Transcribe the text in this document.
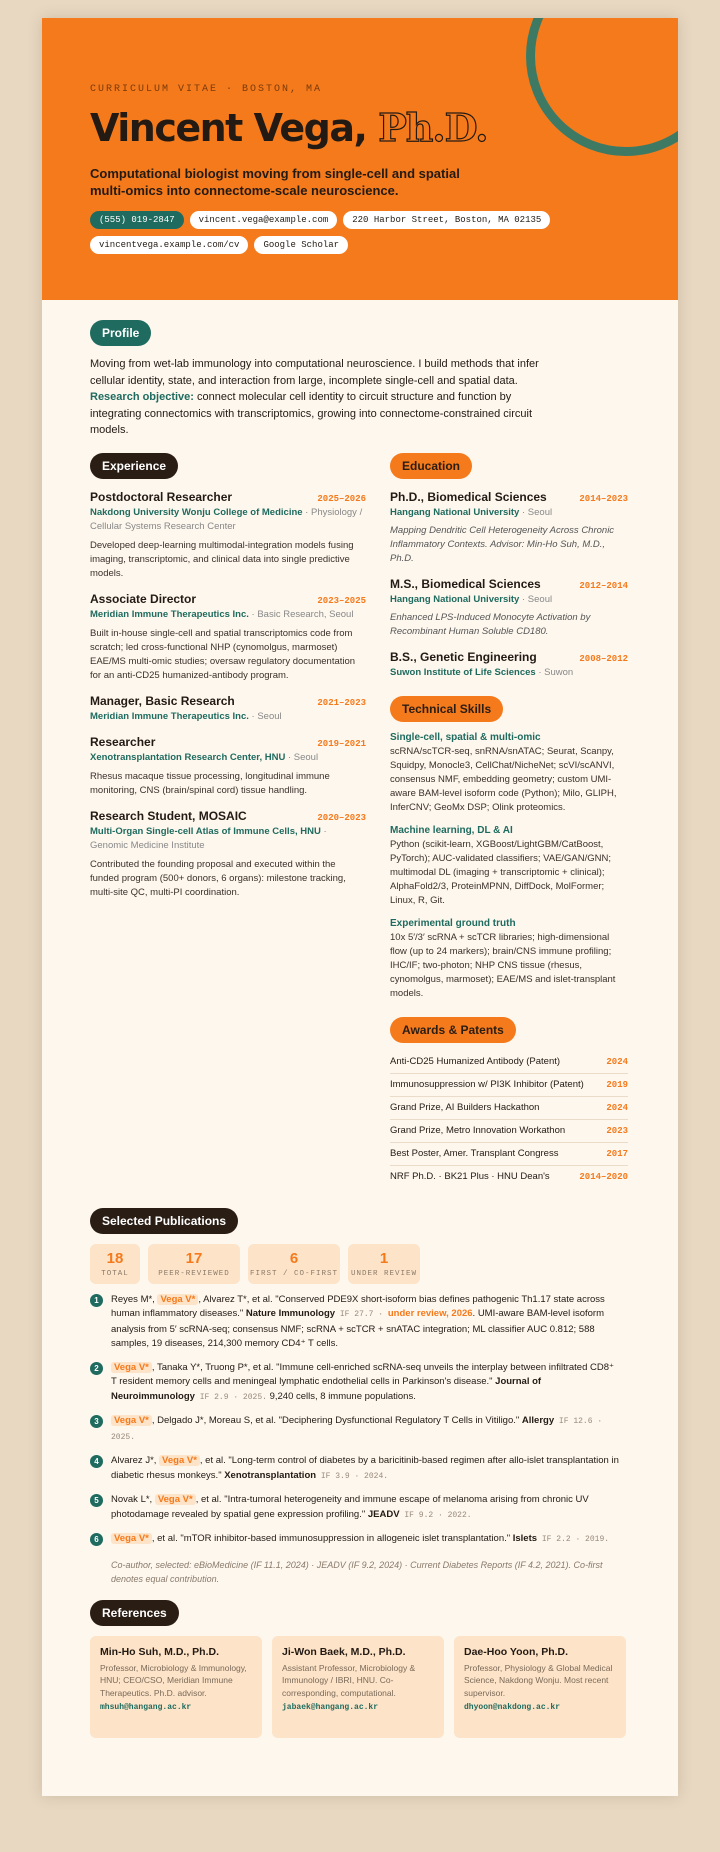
CURRICULUM VITAE · BOSTON, MA
Vincent Vega, Ph.D.
Computational biologist moving from single-cell and spatial multi-omics into connectome-scale neuroscience.
(555) 019-2847	vincent.vega@example.com	220 Harbor Street, Boston, MA 02135
vincentvega.example.com/cv	Google Scholar
Profile
Moving from wet-lab immunology into computational neuroscience. I build methods that infer cellular identity, state, and interaction from large, incomplete single-cell and spatial data. Research objective: connect molecular cell identity to circuit structure and function by integrating connectomics with transcriptomics, growing into connectome-constrained circuit models.
Experience
Postdoctoral Researcher	2025–2026
Nakdong University Wonju College of Medicine · Physiology / Cellular Systems Research Center
Developed deep-learning multimodal-integration models fusing imaging, transcriptomic, and clinical data into single predictive models.
Associate Director	2023–2025
Meridian Immune Therapeutics Inc. · Basic Research, Seoul
Built in-house single-cell and spatial transcriptomics code from scratch; led cross-functional NHP (cynomolgus, marmoset) EAE/MS multi-omic studies; oversaw regulatory documentation for an anti-CD25 humanized-antibody program.
Manager, Basic Research	2021–2023
Meridian Immune Therapeutics Inc. · Seoul
Researcher	2019–2021
Xenotransplantation Research Center, HNU · Seoul
Rhesus macaque tissue processing, longitudinal immune monitoring, CNS (brain/spinal cord) tissue handling.
Research Student, MOSAIC	2020–2023
Multi-Organ Single-cell Atlas of Immune Cells, HNU · Genomic Medicine Institute
Contributed the founding proposal and executed within the funded program (500+ donors, 6 organs): milestone tracking, multi-site QC, multi-PI coordination.
Education
Ph.D., Biomedical Sciences	2014–2023
Hangang National University · Seoul
Mapping Dendritic Cell Heterogeneity Across Chronic Inflammatory Contexts. Advisor: Min-Ho Suh, M.D., Ph.D.
M.S., Biomedical Sciences	2012–2014
Hangang National University · Seoul
Enhanced LPS-Induced Monocyte Activation by Recombinant Human Soluble CD180.
B.S., Genetic Engineering	2008–2012
Suwon Institute of Life Sciences · Suwon
Technical Skills
Single-cell, spatial & multi-omic
scRNA/scTCR-seq, snRNA/snATAC; Seurat, Scanpy, Squidpy, Monocle3, CellChat/NicheNet; scVI/scANVI, consensus NMF, embedding geometry; custom UMI-aware BAM-level isoform code (Python); Milo, GLIPH, InferCNV; GeoMx DSP; Olink proteomics.
Machine learning, DL & AI
Python (scikit-learn, XGBoost/LightGBM/CatBoost, PyTorch); AUC-validated classifiers; VAE/GAN/GNN; multimodal DL (imaging + transcriptomic + clinical); AlphaFold2/3, ProteinMPNN, DiffDock, MolFormer; Linux, R, Git.
Experimental ground truth
10x 5′/3′ scRNA + scTCR libraries; high-dimensional flow (up to 24 markers); brain/CNS immune profiling; IHC/IF; two-photon; NHP CNS tissue (rhesus, cynomolgus, marmoset); EAE/MS and islet-transplant models.
Awards & Patents
Anti-CD25 Humanized Antibody (Patent)	2024
Immunosuppression w/ PI3K Inhibitor (Patent)	2019
Grand Prize, AI Builders Hackathon	2024
Grand Prize, Metro Innovation Workathon	2023
Best Poster, Amer. Transplant Congress	2017
NRF Ph.D. · BK21 Plus · HNU Dean's	2014–2020
Selected Publications
18
TOTAL
17
PEER-REVIEWED
6
FIRST / CO-FIRST
1
UNDER REVIEW
1	Reyes M*, Vega V* , Alvarez T*, et al. "Conserved PDE9X short-isoform bias defines pathogenic Th1.17 state across human inflammatory diseases." Nature Immunology IF 27.7 · under review, 2026. UMI-aware BAM-level isoform analysis from 5′ scRNA-seq; consensus NMF; scRNA + scTCR + snATAC integration; ML classifier AUC 0.812; 588 samples, 19 diseases, 214,300 memory CD4⁺ T cells.
2	Vega V* , Tanaka Y*, Truong P*, et al. "Immune cell-enriched scRNA-seq unveils the interplay between infiltrated CD8⁺ T resident memory cells and meningeal lymphatic endothelial cells in Parkinson's disease." Journal of Neuroimmunology IF 2.9 · 2025. 9,240 cells, 8 immune populations.
3	Vega V* , Delgado J*, Moreau S, et al. "Deciphering Dysfunctional Regulatory T Cells in Vitiligo." Allergy IF 12.6 · 2025.
4	Alvarez J*, Vega V* , et al. "Long-term control of diabetes by a baricitinib-based regimen after allo-islet transplantation in diabetic rhesus monkeys." Xenotransplantation IF 3.9 · 2024.
5	Novak L*, Vega V* , et al. "Intra-tumoral heterogeneity and immune escape of melanoma arising from chronic UV photodamage revealed by spatial gene expression profiling." JEADV IF 9.2 · 2022.
6	Vega V* , et al. "mTOR inhibitor-based immunosuppression in allogeneic islet transplantation." Islets IF 2.2 · 2019.
Co-author, selected: eBioMedicine (IF 11.1, 2024) · JEADV (IF 9.2, 2024) · Current Diabetes Reports (IF 4.2, 2021). Co-first denotes equal contribution.
References
Min-Ho Suh, M.D., Ph.D.
Professor, Microbiology & Immunology, HNU; CEO/CSO, Meridian Immune Therapeutics. Ph.D. advisor.
mhsuh@hangang.ac.kr
Ji-Won Baek, M.D., Ph.D.
Assistant Professor, Microbiology & Immunology / IBRI, HNU. Co-corresponding, computational.
jabaek@hangang.ac.kr
Dae-Hoo Yoon, Ph.D.
Professor, Physiology & Global Medical Science, Nakdong Wonju. Most recent supervisor.
dhyoon@nakdong.ac.kr
